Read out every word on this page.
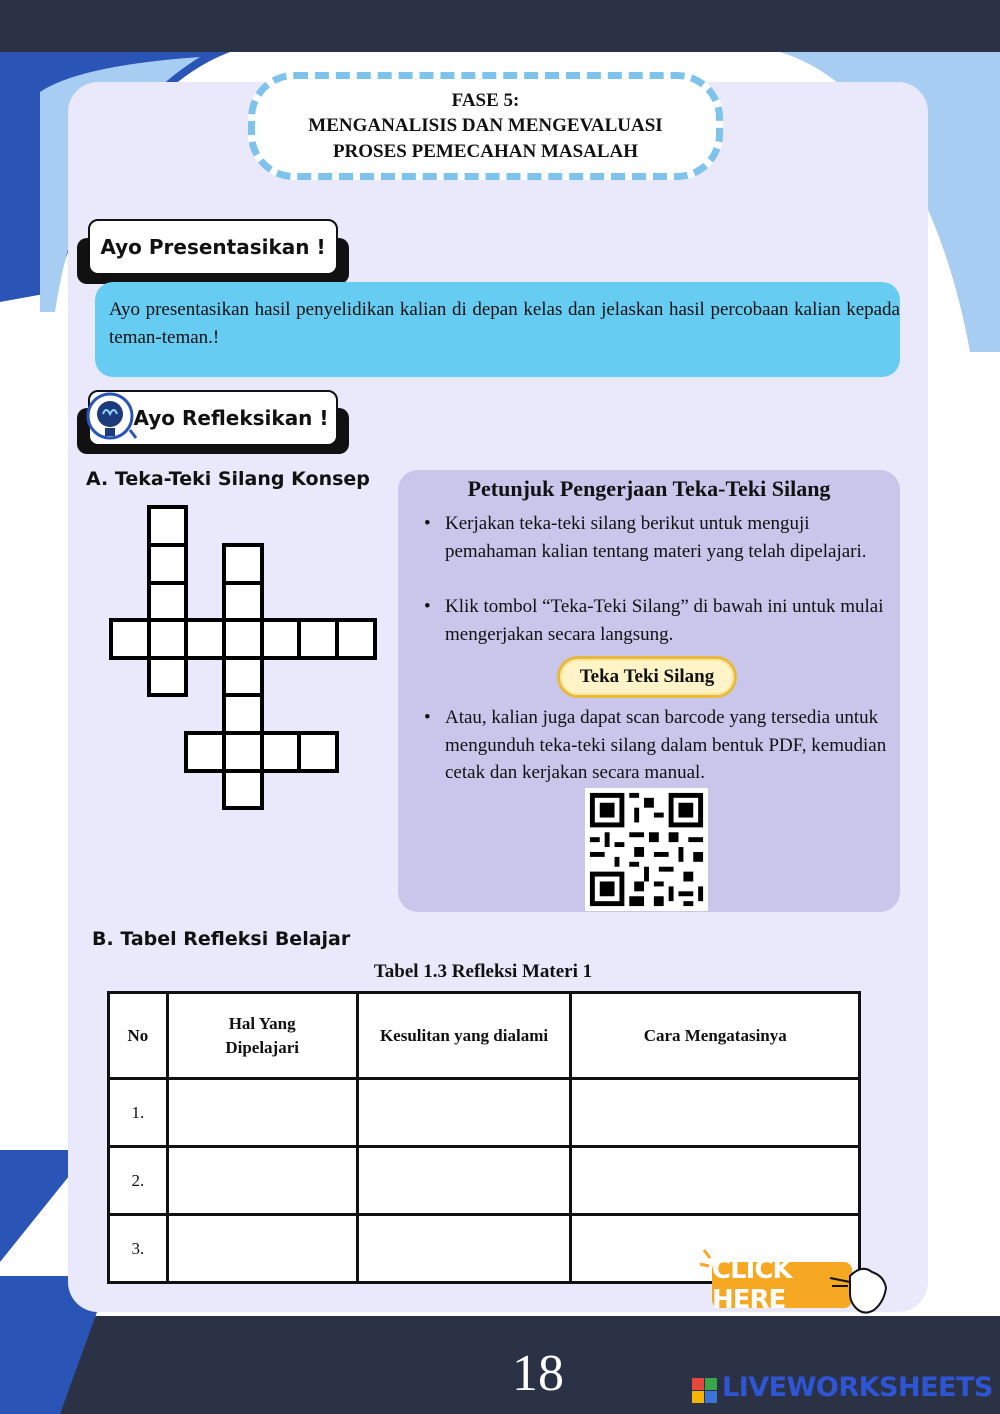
FASE 5:
MENGANALISIS DAN MENGEVALUASI
PROSES PEMECAHAN MASALAH
Ayo Presentasikan !
Ayo presentasikan hasil penyelidikan kalian di depan kelas dan jelaskan hasil percobaan kalian kepada teman-teman.!
Ayo Refleksikan !
A. Teka-Teki Silang Konsep	Petunjuk Pengerjaan Teka-Teki Silang
• Kerjakan teka-teki silang berikut untuk menguji pemahaman kalian tentang materi yang telah dipelajari.
• Klik tombol “Teka-Teki Silang” di bawah ini untuk mulai mengerjakan secara langsung.
Teka Teki Silang
• Atau, kalian juga dapat scan barcode yang tersedia untuk mengunduh teka-teki silang dalam bentuk PDF, kemudian cetak dan kerjakan secara manual.
B. Tabel Refleksi Belajar
Tabel 1.3 Refleksi Materi 1
No	Hal Yang Dipelajari	Kesulitan yang dialami	Cara Mengatasinya
1.			
2.			
3.			
CLICK HERE
18	LIVEWORKSHEETS
